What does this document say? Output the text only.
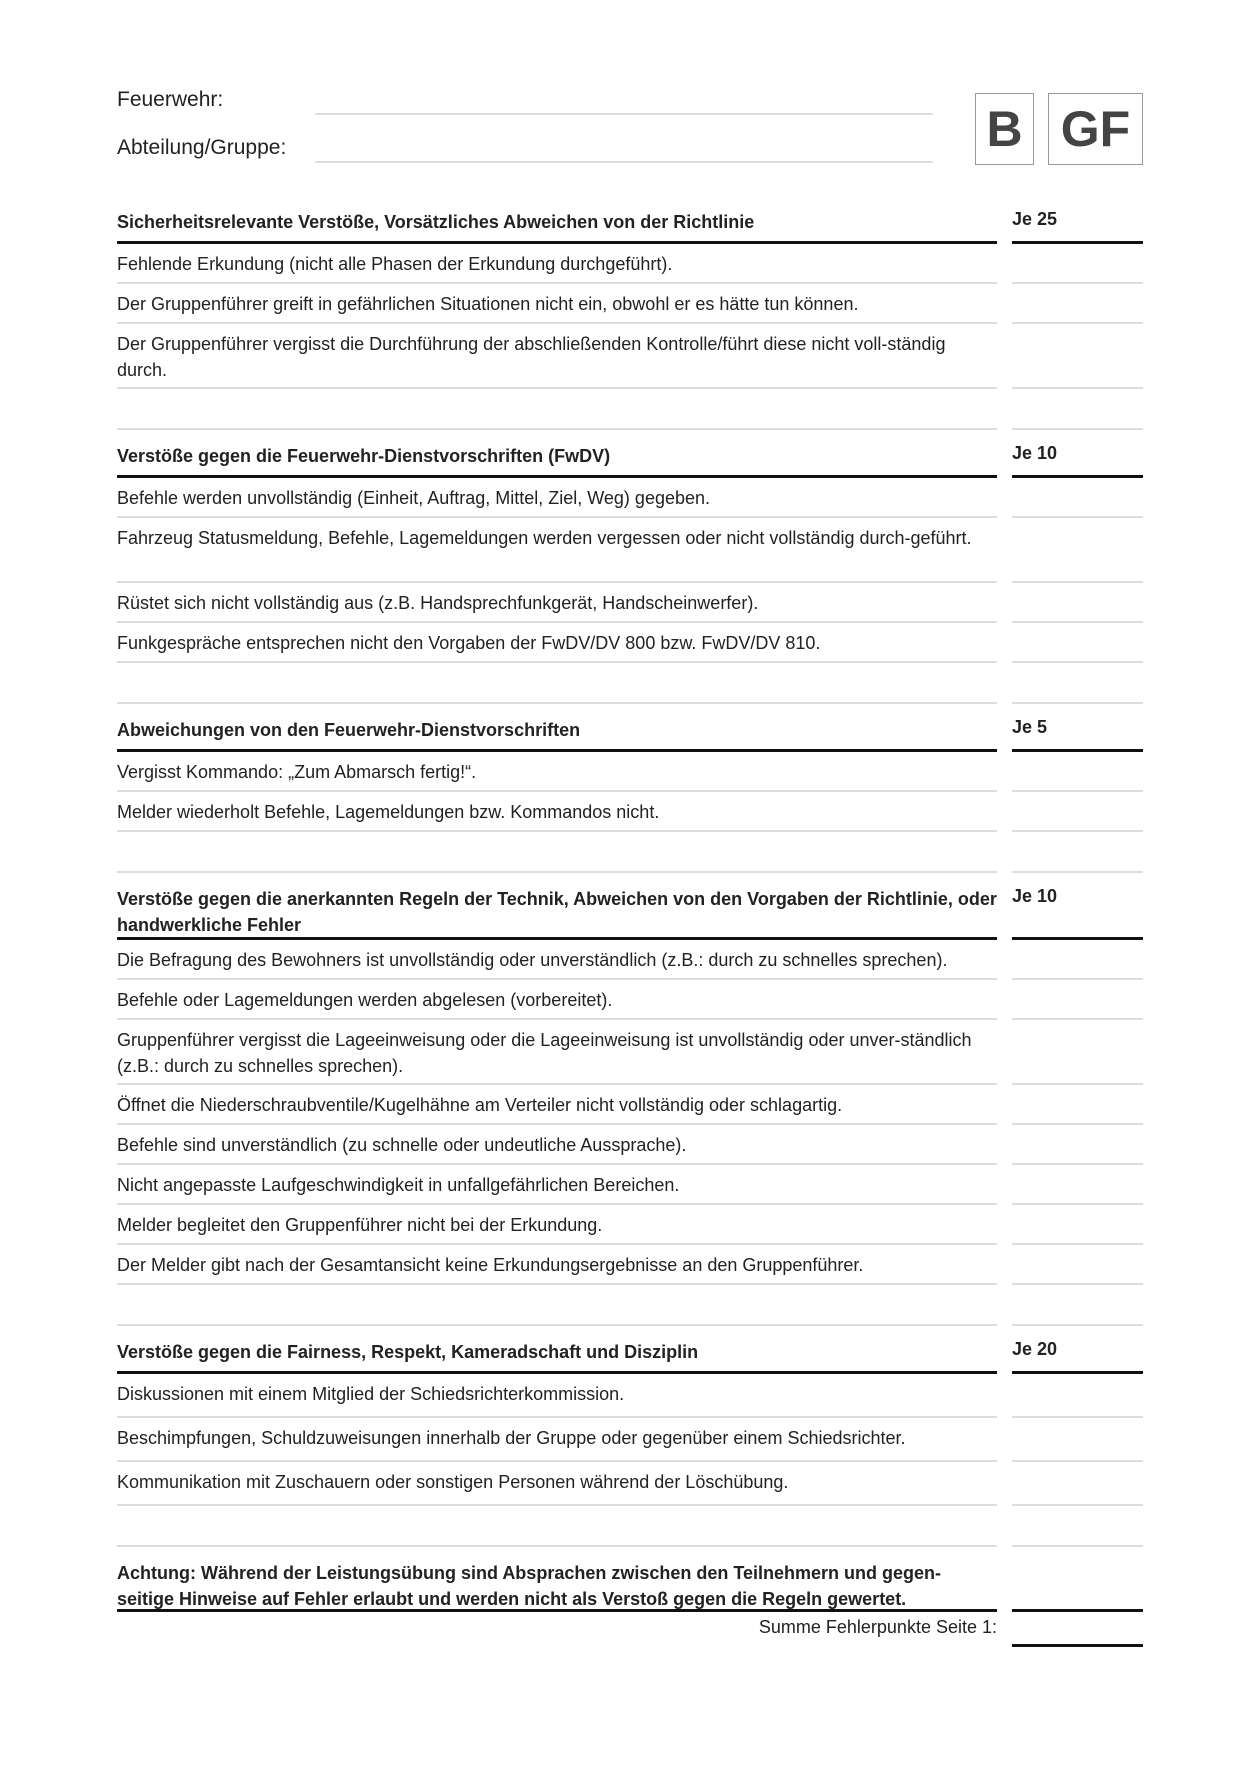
Feuerwehr:
Abteilung/Gruppe:	B GF
Sicherheitsrelevante Verstöße, Vorsätzliches Abweichen von der Richtlinie	Je 25
Fehlende Erkundung (nicht alle Phasen der Erkundung durchgeführt).
Der Gruppenführer greift in gefährlichen Situationen nicht ein, obwohl er es hätte tun können.
Der Gruppenführer vergisst die Durchführung der abschließenden Kontrolle/führt diese nicht voll-ständig durch.
Verstöße gegen die Feuerwehr-Dienstvorschriften (FwDV)	Je 10
Befehle werden unvollständig (Einheit, Auftrag, Mittel, Ziel, Weg) gegeben.
Fahrzeug Statusmeldung, Befehle, Lagemeldungen werden vergessen oder nicht vollständig durch-geführt.
Rüstet sich nicht vollständig aus (z.B. Handsprechfunkgerät, Handscheinwerfer).
Funkgespräche entsprechen nicht den Vorgaben der FwDV/DV 800 bzw. FwDV/DV 810.
Abweichungen von den Feuerwehr-Dienstvorschriften	Je 5
Vergisst Kommando: „Zum Abmarsch fertig!“.
Melder wiederholt Befehle, Lagemeldungen bzw. Kommandos nicht.
Verstöße gegen die anerkannten Regeln der Technik, Abweichen von den Vorgaben der Richtlinie, oder handwerkliche Fehler
Je 10
Die Befragung des Bewohners ist unvollständig oder unverständlich (z.B.: durch zu schnelles sprechen).
Befehle oder Lagemeldungen werden abgelesen (vorbereitet).
Gruppenführer vergisst die Lageeinweisung oder die Lageeinweisung ist unvollständig oder unver-ständlich (z.B.: durch zu schnelles sprechen).
Öffnet die Niederschraubventile/Kugelhähne am Verteiler nicht vollständig oder schlagartig.
Befehle sind unverständlich (zu schnelle oder undeutliche Aussprache).
Nicht angepasste Laufgeschwindigkeit in unfallgefährlichen Bereichen.
Melder begleitet den Gruppenführer nicht bei der Erkundung.
Der Melder gibt nach der Gesamtansicht keine Erkundungsergebnisse an den Gruppenführer.
Verstöße gegen die Fairness, Respekt, Kameradschaft und Disziplin	Je 20
Diskussionen mit einem Mitglied der Schiedsrichterkommission.
Beschimpfungen, Schuldzuweisungen innerhalb der Gruppe oder gegenüber einem Schiedsrichter.
Kommunikation mit Zuschauern oder sonstigen Personen während der Löschübung.
Achtung: Während der Leistungsübung sind Absprachen zwischen den Teilnehmern und gegen-seitige Hinweise auf Fehler erlaubt und werden nicht als Verstoß gegen die Regeln gewertet.
Summe Fehlerpunkte Seite 1:
